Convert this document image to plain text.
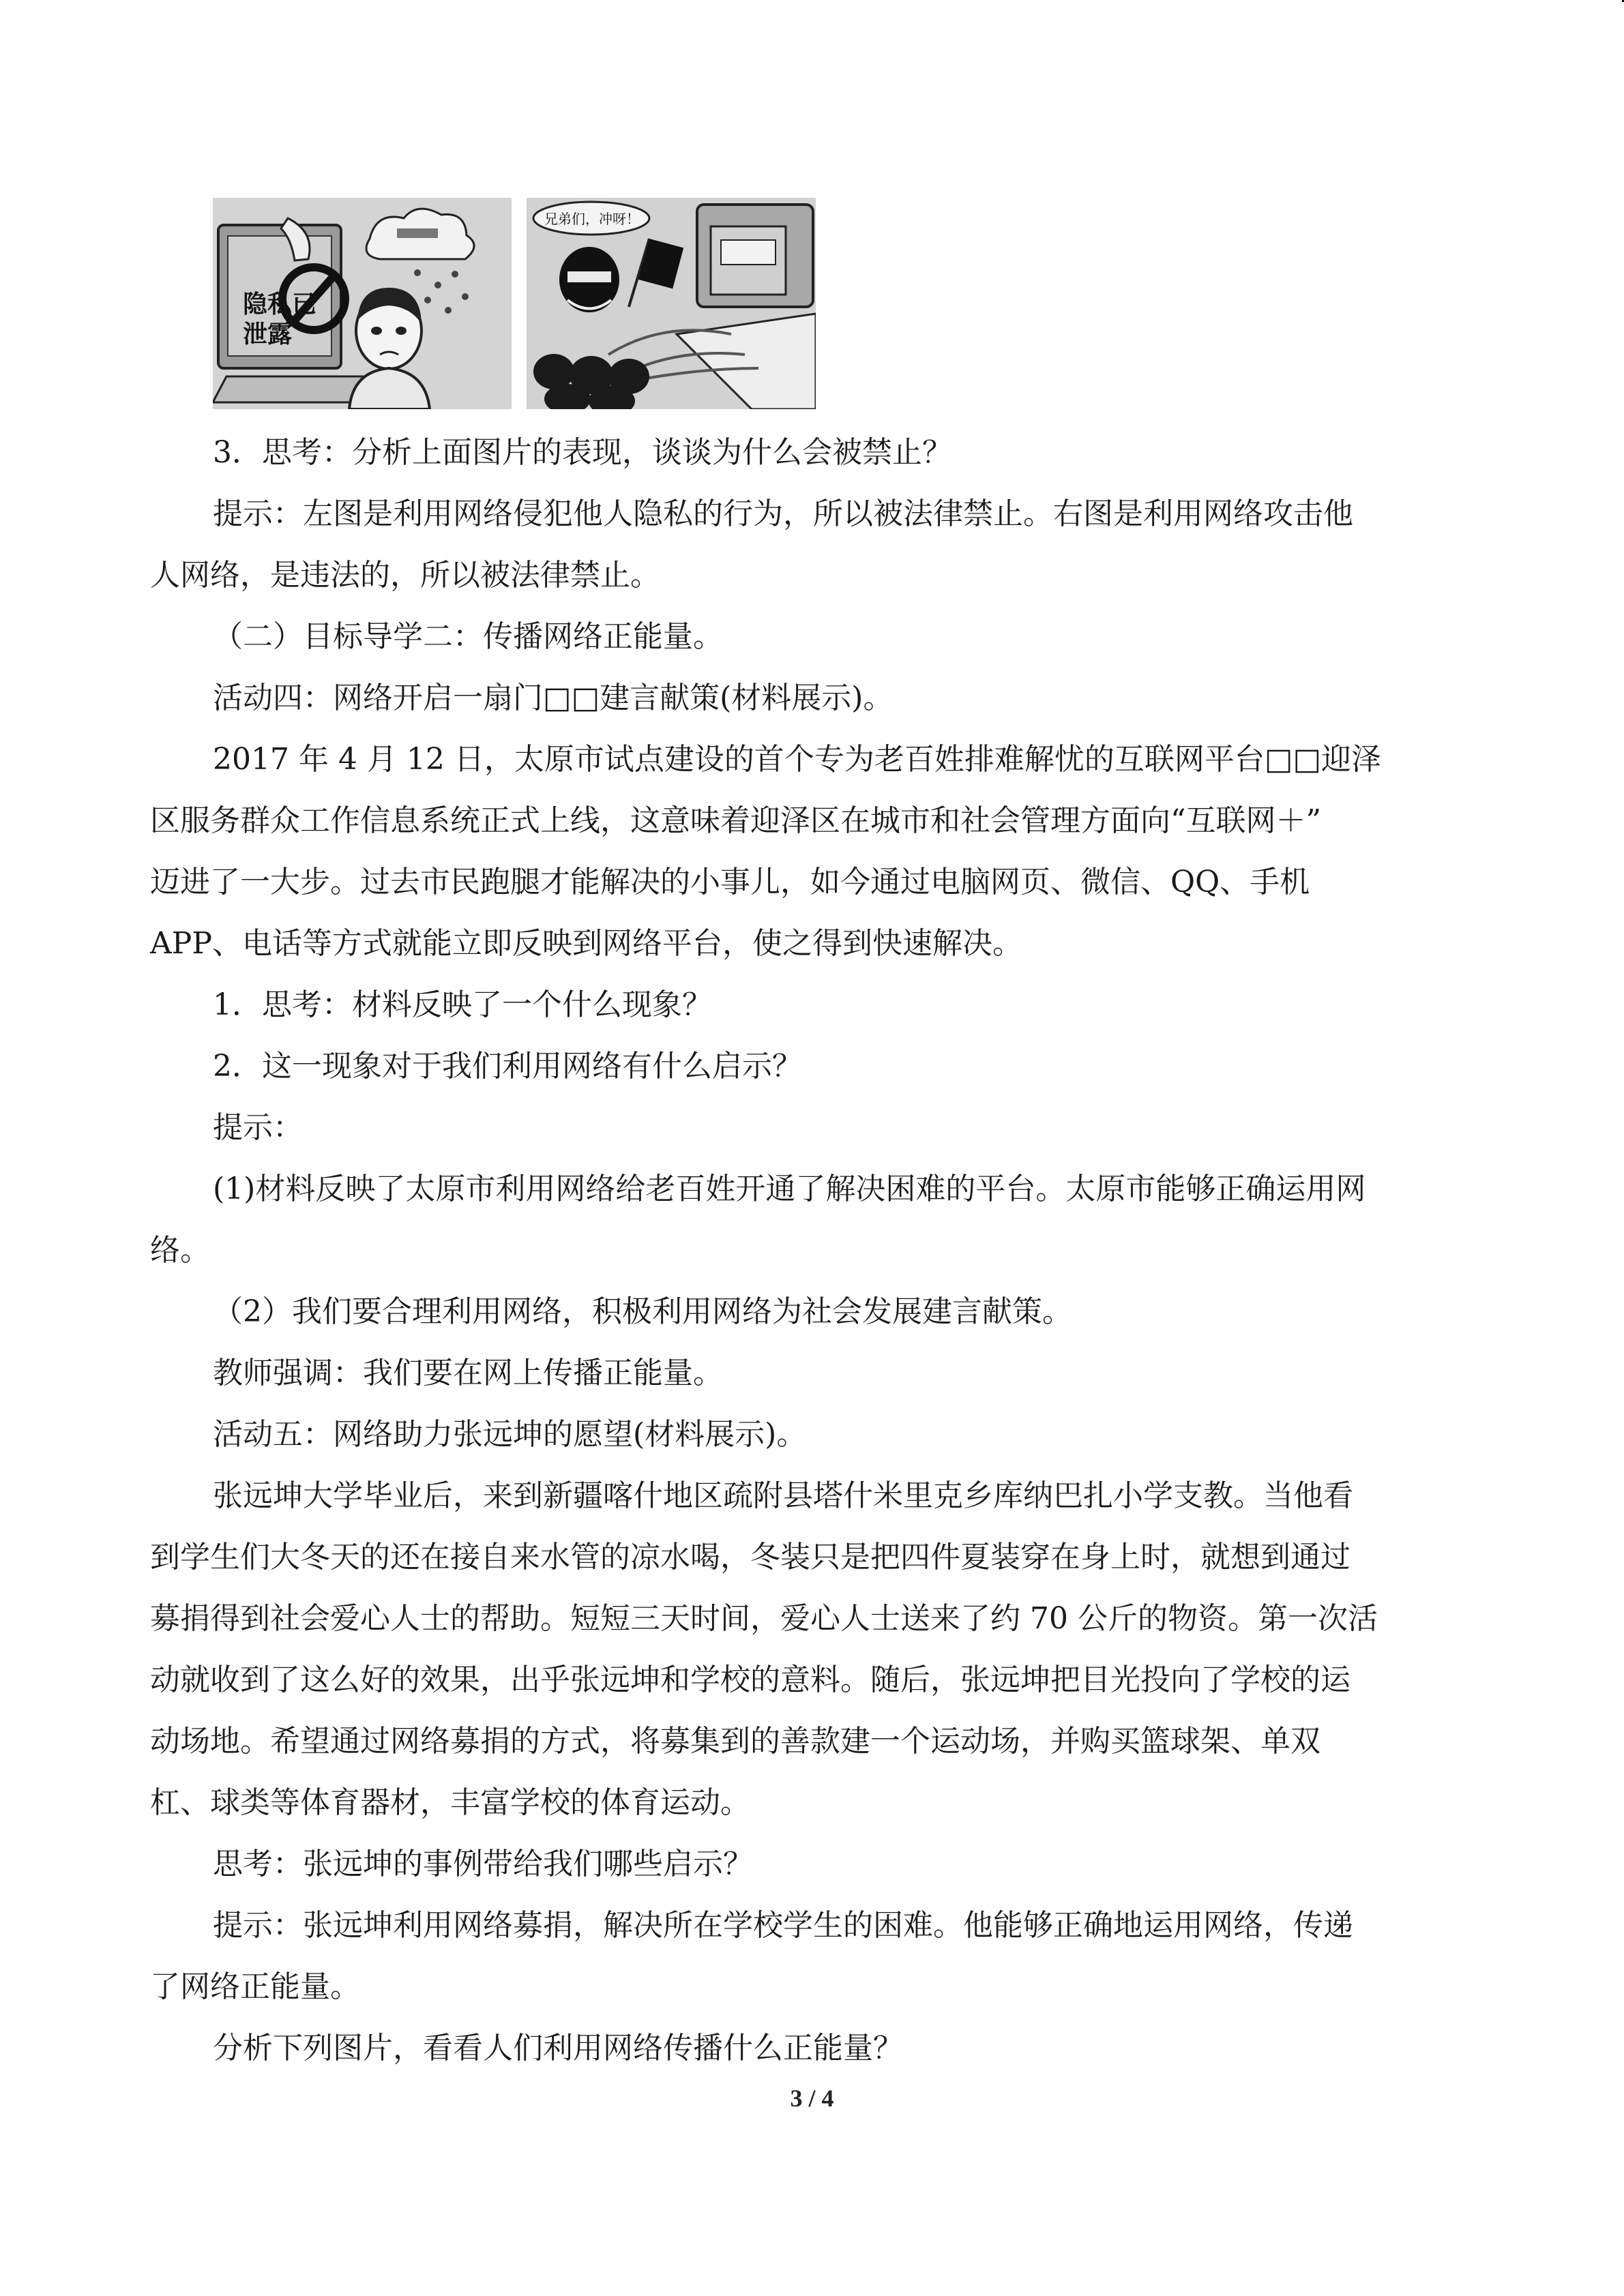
隐私已
泄露
兄弟们，冲呀！

3．思考：分析上面图片的表现，谈谈为什么会被禁止？

提示：左图是利用网络侵犯他人隐私的行为，所以被法律禁止。右图是利用网络攻击他

人网络，是违法的，所以被法律禁止。

（二）目标导学二：传播网络正能量。

活动四：网络开启一扇门□□建言献策(材料展示)。

2017 年 4 月 12 日，太原市试点建设的首个专为老百姓排难解忧的互联网平台□□迎泽

区服务群众工作信息系统正式上线，这意味着迎泽区在城市和社会管理方面向“互联网＋”

迈进了一大步。过去市民跑腿才能解决的小事儿，如今通过电脑网页、微信、QQ、手机

APP、电话等方式就能立即反映到网络平台，使之得到快速解决。

1．思考：材料反映了一个什么现象？

2．这一现象对于我们利用网络有什么启示？

提示：

(1)材料反映了太原市利用网络给老百姓开通了解决困难的平台。太原市能够正确运用网

络。

（2）我们要合理利用网络，积极利用网络为社会发展建言献策。

教师强调：我们要在网上传播正能量。

活动五：网络助力张远坤的愿望(材料展示)。

张远坤大学毕业后，来到新疆喀什地区疏附县塔什米里克乡库纳巴扎小学支教。当他看

到学生们大冬天的还在接自来水管的凉水喝，冬装只是把四件夏装穿在身上时，就想到通过

募捐得到社会爱心人士的帮助。短短三天时间，爱心人士送来了约 70 公斤的物资。第一次活

动就收到了这么好的效果，出乎张远坤和学校的意料。随后，张远坤把目光投向了学校的运

动场地。希望通过网络募捐的方式，将募集到的善款建一个运动场，并购买篮球架、单双

杠、球类等体育器材，丰富学校的体育运动。

思考：张远坤的事例带给我们哪些启示？

提示：张远坤利用网络募捐，解决所在学校学生的困难。他能够正确地运用网络，传递

了网络正能量。

分析下列图片，看看人们利用网络传播什么正能量？

3 / 4
